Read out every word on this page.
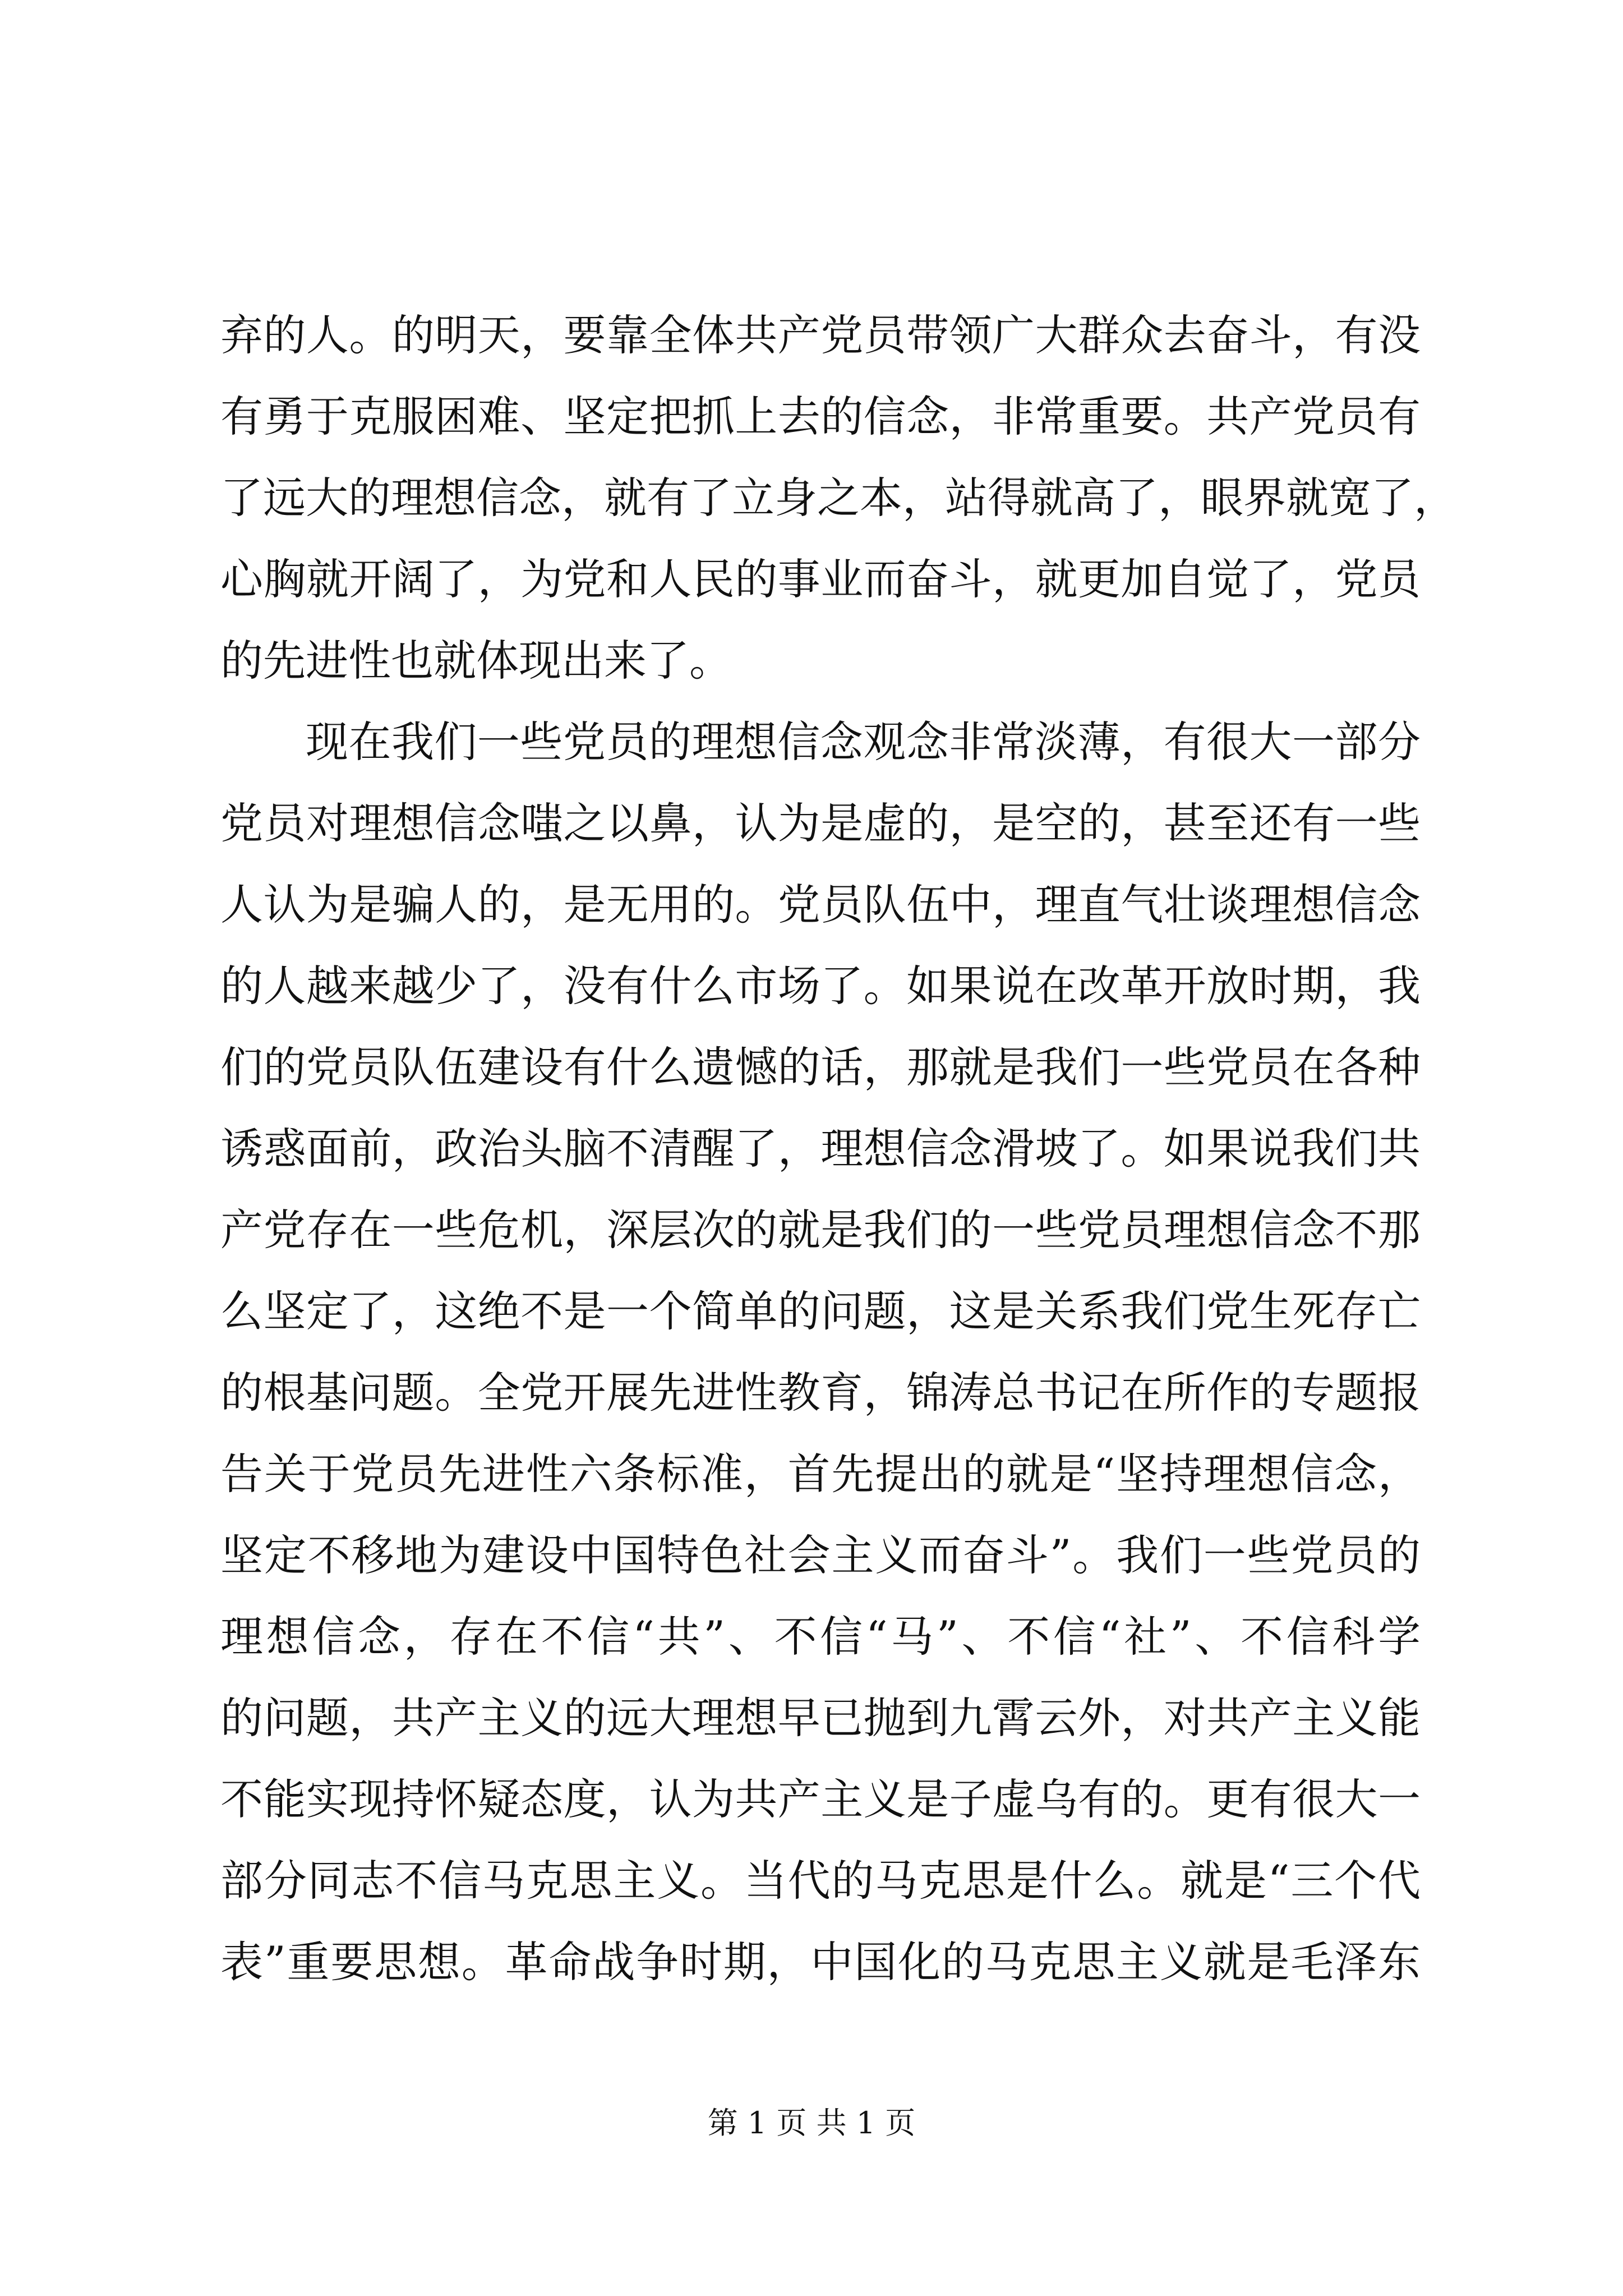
弃的人。的明天，要靠全体共产党员带领广大群众去奋斗，有没
有勇于克服困难、坚定把抓上去的信念，非常重要。共产党员有
了远大的理想信念，就有了立身之本，站得就高了，眼界就宽了，
心胸就开阔了，为党和人民的事业而奋斗，就更加自觉了，党员
的先进性也就体现出来了。
现在我们一些党员的理想信念观念非常淡薄，有很大一部分
党员对理想信念嗤之以鼻，认为是虚的，是空的，甚至还有一些
人认为是骗人的，是无用的。党员队伍中，理直气壮谈理想信念
的人越来越少了，没有什么市场了。如果说在改革开放时期，我
们的党员队伍建设有什么遗憾的话，那就是我们一些党员在各种
诱惑面前，政治头脑不清醒了，理想信念滑坡了。如果说我们共
产党存在一些危机，深层次的就是我们的一些党员理想信念不那
么坚定了，这绝不是一个简单的问题，这是关系我们党生死存亡
的根基问题。全党开展先进性教育，锦涛总书记在所作的专题报
告关于党员先进性六条标准，首先提出的就是“坚持理想信念，
坚定不移地为建设中国特色社会主义而奋斗”。我们一些党员的
理想信念，存在不信“共”、不信“马”、不信“社”、不信科学
的问题，共产主义的远大理想早已抛到九霄云外，对共产主义能
不能实现持怀疑态度，认为共产主义是子虚乌有的。更有很大一
部分同志不信马克思主义。当代的马克思是什么。就是“三个代
表”重要思想。革命战争时期，中国化的马克思主义就是毛泽东
第 1 页 共 1 页
